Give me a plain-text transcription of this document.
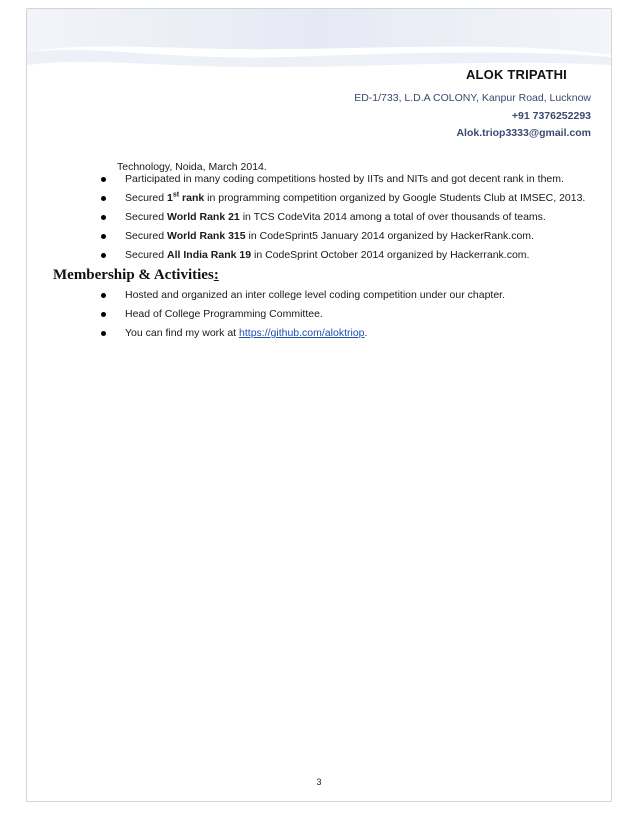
ALOK TRIPATHI
ED-1/733, L.D.A COLONY, Kanpur Road, Lucknow
+91 7376252293
Alok.triop3333@gmail.com
Technology, Noida, March 2014.
Participated in many coding competitions hosted by IITs and NITs and got decent rank in them.
Secured 1st rank in programming competition organized by Google Students Club at IMSEC, 2013.
Secured World Rank 21 in TCS CodeVita 2014 among a total of over thousands of teams.
Secured World Rank 315 in CodeSprint5 January 2014 organized by HackerRank.com.
Secured All India Rank 19 in CodeSprint October 2014 organized by Hackerrank.com.
Membership & Activities:
Hosted and organized an inter college level coding competition under our chapter.
Head of College Programming Committee.
You can find my work at https://github.com/aloktriop.
3
